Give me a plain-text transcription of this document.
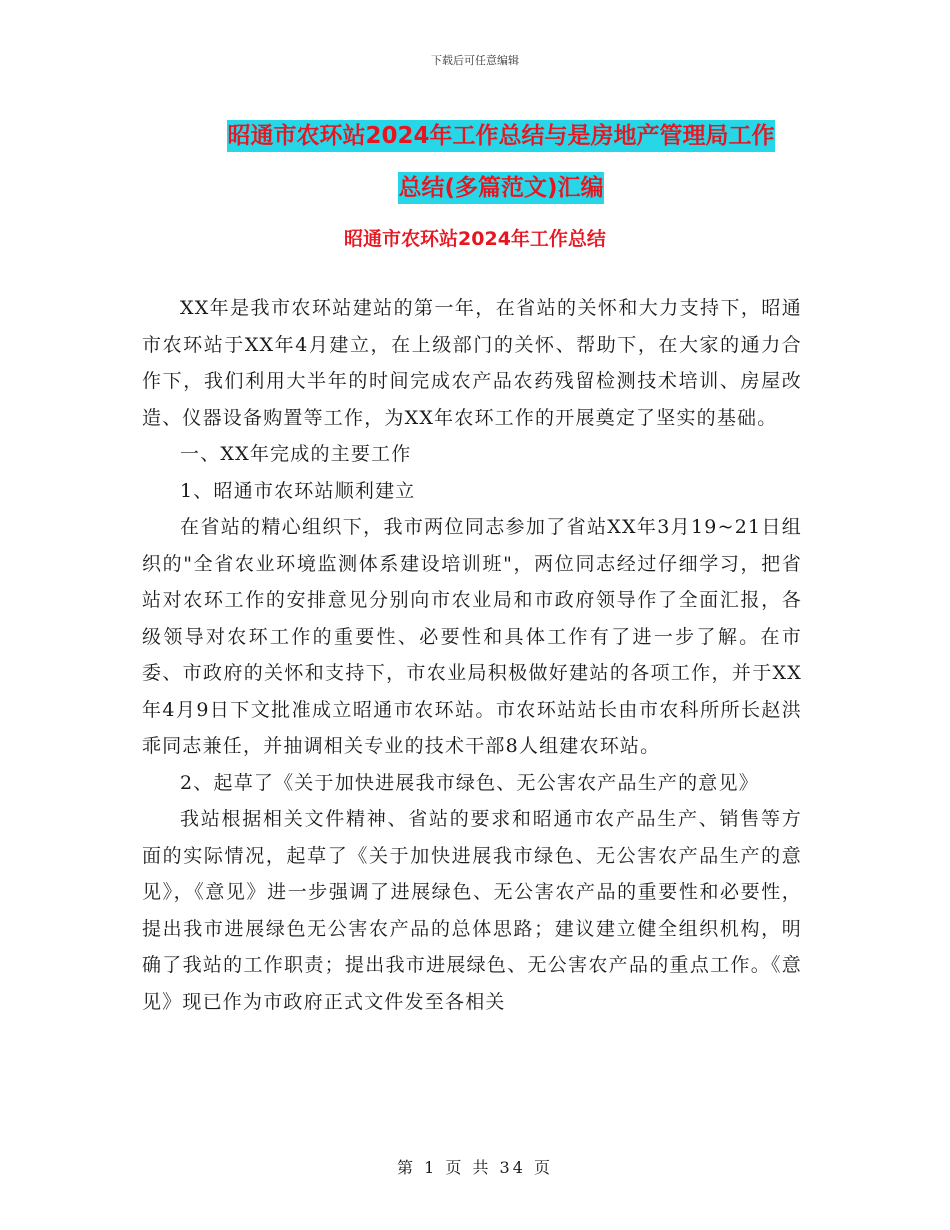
下载后可任意编辑
昭通市农环站2024年工作总结与是房地产管理局工作
总结(多篇范文)汇编
昭通市农环站2024年工作总结

XX年是我市农环站建站的第一年，在省站的关怀和大力支持下，昭通市农环站于XX年4月建立，在上级部门的关怀、帮助下，在大家的通力合作下，我们利用大半年的时间完成农产品农药残留检测技术培训、房屋改造、仪器设备购置等工作，为XX年农环工作的开展奠定了坚实的基础。

一、XX年完成的主要工作

1、昭通市农环站顺利建立

在省站的精心组织下，我市两位同志参加了省站XX年3月19~21日组织的"全省农业环境监测体系建设培训班"，两位同志经过仔细学习，把省站对农环工作的安排意见分别向市农业局和市政府领导作了全面汇报，各级领导对农环工作的重要性、必要性和具体工作有了进一步了解。在市委、市政府的关怀和支持下，市农业局积极做好建站的各项工作，并于XX年4月9日下文批准成立昭通市农环站。市农环站站长由市农科所所长赵洪乖同志兼任，并抽调相关专业的技术干部8人组建农环站。

2、起草了《关于加快进展我市绿色、无公害农产品生产的意见》

我站根据相关文件精神、省站的要求和昭通市农产品生产、销售等方面的实际情况，起草了《关于加快进展我市绿色、无公害农产品生产的意见》，《意见》进一步强调了进展绿色、无公害农产品的重要性和必要性，提出我市进展绿色无公害农产品的总体思路；建议建立健全组织机构，明确了我站的工作职责；提出我市进展绿色、无公害农产品的重点工作。《意见》现已作为市政府正式文件发至各相关

第 1 页 共 34 页
